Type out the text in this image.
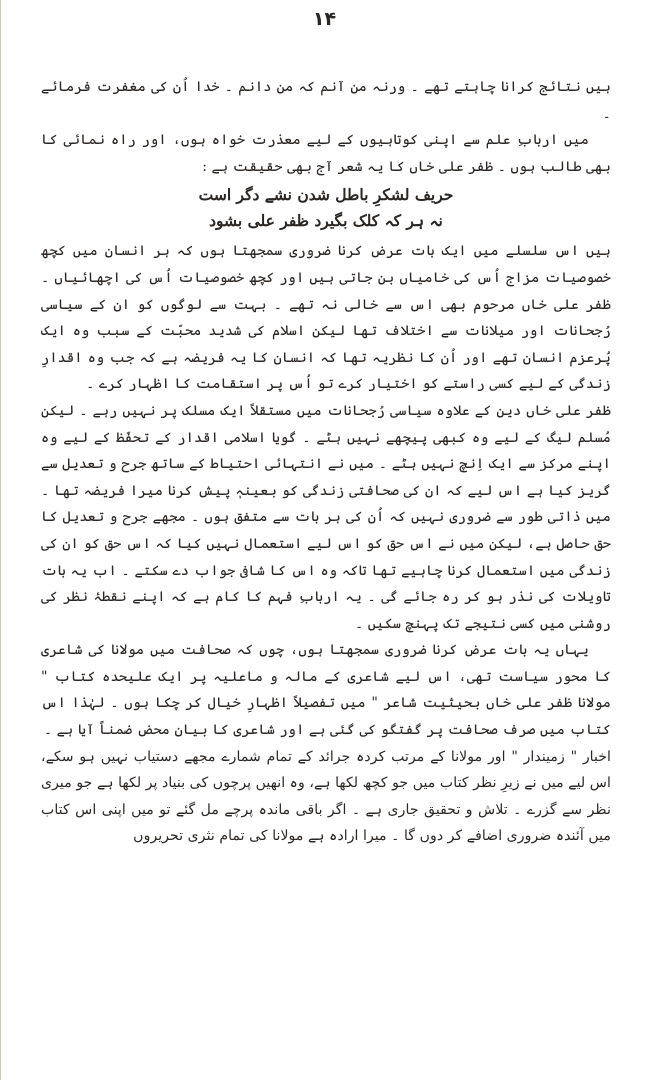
۱۴

ہیں نتائج کرانا چاہتے تھے ۔ ورنہ من آنم کہ من دانم ۔ خدا اُن کی مغفرت فرمائے ۔

میں اربابِ علم سے اپنی کوتاہیوں کے لیے معذرت خواہ ہوں، اور راہ نمائی کا بھی طالب ہوں ۔ ظفر علی خاں کا یہ شعر آج بھی حقیقت ہے :

حریف لشکرِ باطل شدن نشے دگر است
نہ ہر کہ کلک بگیرد ظفر علی بشود

ہیں اس سلسلے میں ایک بات عرض کرنا ضروری سمجھتا ہوں کہ ہر انسان میں کچھ خصوصیات مزاج اُس کی خامیاں بن جاتی ہیں اور کچھ خصوصیات اُس کی اچھائیاں ۔ ظفر علی خاں مرحوم بھی اس سے خالی نہ تھے ۔ بہت سے لوگوں کو ان کے سیاسی رُجحانات اور میلانات سے اختلاف تھا لیکن اسلام کی شدید محبّت کے سبب وہ ایک پُرعزم انسان تھے اور اُن کا نظریہ تھا کہ انسان کا یہ فریضہ ہے کہ جب وہ اقدارِ زندگی کے لیے کسی راستے کو اختیار کرے تو اُس پر استقامت کا اظہار کرے ۔

ظفر علی خاں دین کے علاوہ سیاسی رُجحانات میں مستقلاً ایک مسلک پر نہیں رہے ۔ لیکن مُسلم لیگ کے لیے وہ کبھی پیچھے نہیں ہٹے ۔ گویا اسلامی اقدار کے تحفّظ کے لیے وہ اپنے مرکز سے ایک اِنچ نہیں ہٹے ۔ میں نے انتہائی احتیاط کے ساتھ جرح و تعدیل سے گریز کیا ہے اس لیے کہ ان کی صحافتی زندگی کو بعینہٖ پیش کرنا میرا فریضہ تھا ۔ میں ذاتی طور سے ضروری نہیں کہ اُن کی ہر بات سے متفق ہوں ۔ مجھے جرح و تعدیل کا حق حاصل ہے، لیکن میں نے اس حق کو اس لیے استعمال نہیں کیا کہ اس حق کو ان کی زندگی میں استعمال کرنا چاہیے تھا تاکہ وہ اس کا شافی جواب دے سکتے ۔ اب یہ بات تاویلات کی نذر ہو کر رہ جائے گی ۔ یہ اربابِ فہم کا کام ہے کہ اپنے نقطۂ نظر کی روشنی میں کسی نتیجے تک پہنچ سکیں ۔

یہاں یہ بات عرض کرنا ضروری سمجھتا ہوں، چوں کہ صحافت میں مولانا کی شاعری کا محور سیاست تھی، اس لیے شاعری کے مالہ و ماعلیہ پر ایک علیحدہ کتاب " مولانا ظفر علی خاں بحیثیت شاعر " میں تفصیلاً اظہارِ خیال کر چکا ہوں ۔ لہٰذا اس کتاب میں صرف صحافت پر گفتگو کی گئی ہے اور شاعری کا بیان محض ضمناً آیا ہے ۔

اخبار " زمیندار " اور مولانا کے مرتب کردہ جرائد کے تمام شمارے مجھے دستیاب نہیں ہو سکے، اس لیے میں نے زیرِ نظر کتاب میں جو کچھ لکھا ہے، وہ انھیں پرچوں کی بنیاد پر لکھا ہے جو میری نظر سے گزرے ۔ تلاش و تحقیق جاری ہے ۔ اگر باقی ماندہ پرچے مل گئے تو میں اپنی اس کتاب میں آئندہ ضروری اضافے کر دوں گا ۔ میرا ارادہ ہے مولانا کی تمام نثری تحریروں
